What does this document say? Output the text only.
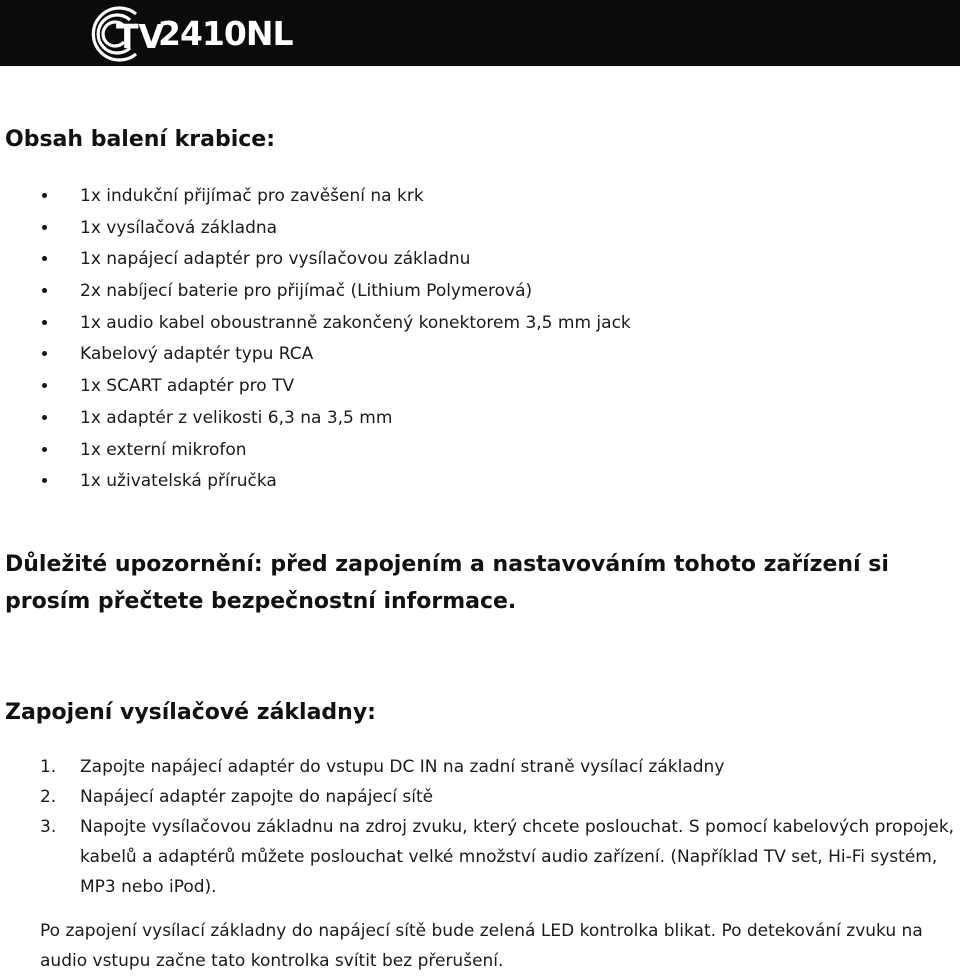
TV
2410NL
Obsah balení krabice:
1x indukční přijímač pro zavěšení na krk
1x vysílačová základna
1x napájecí adaptér pro vysílačovou základnu
2x nabíjecí baterie pro přijímač (Lithium Polymerová)
1x audio kabel oboustranně zakončený konektorem 3,5 mm jack
Kabelový adaptér typu RCA
1x SCART adaptér pro TV
1x adaptér z velikosti 6,3 na 3,5 mm
1x externí mikrofon
1x uživatelská příručka

Důležité upozornění: před zapojením a nastavováním tohoto zařízení si prosím přečtete bezpečnostní informace.

Zapojení vysílačové základny:
1. Zapojte napájecí adaptér do vstupu DC IN na zadní straně vysílací základny
2. Napájecí adaptér zapojte do napájecí sítě
3. Napojte vysílačovou základnu na zdroj zvuku, který chcete poslouchat. S pomocí kabelových propojek, kabelů a adaptérů můžete poslouchat velké množství audio zařízení. (Například TV set, Hi-Fi systém, MP3 nebo iPod).

Po zapojení vysílací základny do napájecí sítě bude zelená LED kontrolka blikat. Po detekování zvuku na audio vstupu začne tato kontrolka svítit bez přerušení.
